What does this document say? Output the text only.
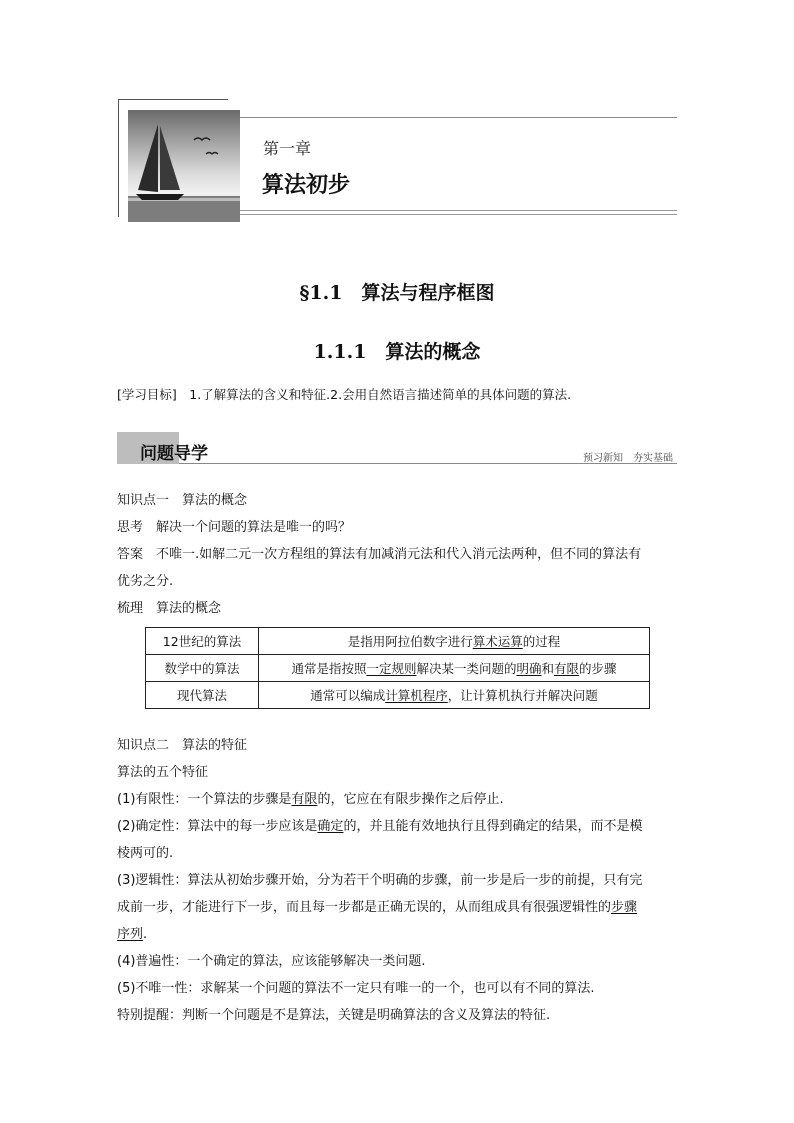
第一章
算法初步
§1.1　算法与程序框图
1.1.1　算法的概念
[学习目标]　1.了解算法的含义和特征.2.会用自然语言描述简单的具体问题的算法.
问题导学	预习新知　夯实基础
知识点一　算法的概念
思考　解决一个问题的算法是唯一的吗？
答案　不唯一.如解二元一次方程组的算法有加减消元法和代入消元法两种，但不同的算法有
优劣之分.
梳理　算法的概念
12世纪的算法	是指用阿拉伯数字进行算术运算的过程
数学中的算法	通常是指按照一定规则解决某一类问题的明确和有限的步骤
现代算法	通常可以编成计算机程序，让计算机执行并解决问题
知识点二　算法的特征
算法的五个特征
(1)有限性：一个算法的步骤是有限的，它应在有限步操作之后停止.
(2)确定性：算法中的每一步应该是确定的，并且能有效地执行且得到确定的结果，而不是模
棱两可的.
(3)逻辑性：算法从初始步骤开始，分为若干个明确的步骤，前一步是后一步的前提，只有完
成前一步，才能进行下一步，而且每一步都是正确无误的，从而组成具有很强逻辑性的步骤
序列.
(4)普遍性：一个确定的算法，应该能够解决一类问题.
(5)不唯一性：求解某一个问题的算法不一定只有唯一的一个，也可以有不同的算法.
特别提醒：判断一个问题是不是算法，关键是明确算法的含义及算法的特征.
